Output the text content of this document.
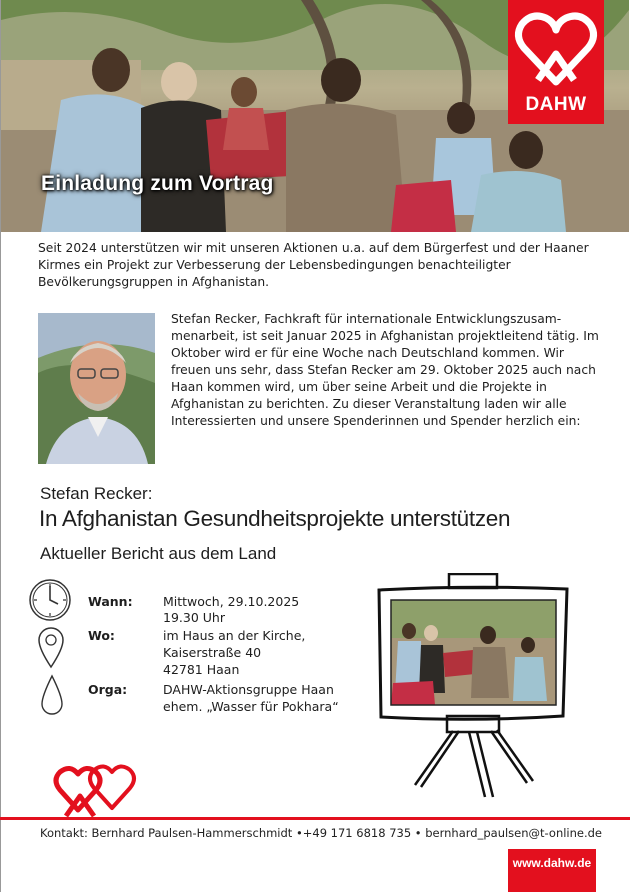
Einladung zum Vortrag
DAHW
Seit 2024 unterstützen wir mit unseren Aktionen u.a. auf dem Bürgerfest und der Haaner Kirmes ein Projekt zur Verbesserung der Lebensbedingungen benachteiligter Bevölkerungsgruppen in Afghanistan.
Stefan Recker, Fachkraft für internationale Entwicklungszusam-menarbeit, ist seit Januar 2025 in Afghanistan projektleitend tätig. Im Oktober wird er für eine Woche nach Deutschland kommen. Wir freuen uns sehr, dass Stefan Recker am 29. Oktober 2025 auch nach Haan kommen wird, um über seine Arbeit und die Projekte in Afghanistan zu berichten. Zu dieser Veranstaltung laden wir alle Interessierten und unsere Spenderinnen und Spender herzlich ein:
Stefan Recker:
In Afghanistan Gesundheitsprojekte unterstützen
Aktueller Bericht aus dem Land
Wann: Mittwoch, 29.10.2025
19.30 Uhr
Wo:	im Haus an der Kirche,
Kaiserstraße 40
42781 Haan
Orga:	DAHW-Aktionsgruppe Haan
ehem. „Wasser für Pokhara“
Kontakt: Bernhard Paulsen-Hammerschmidt •+49 171 6818 735 • bernhard_paulsen@t-online.de
www.dahw.de
